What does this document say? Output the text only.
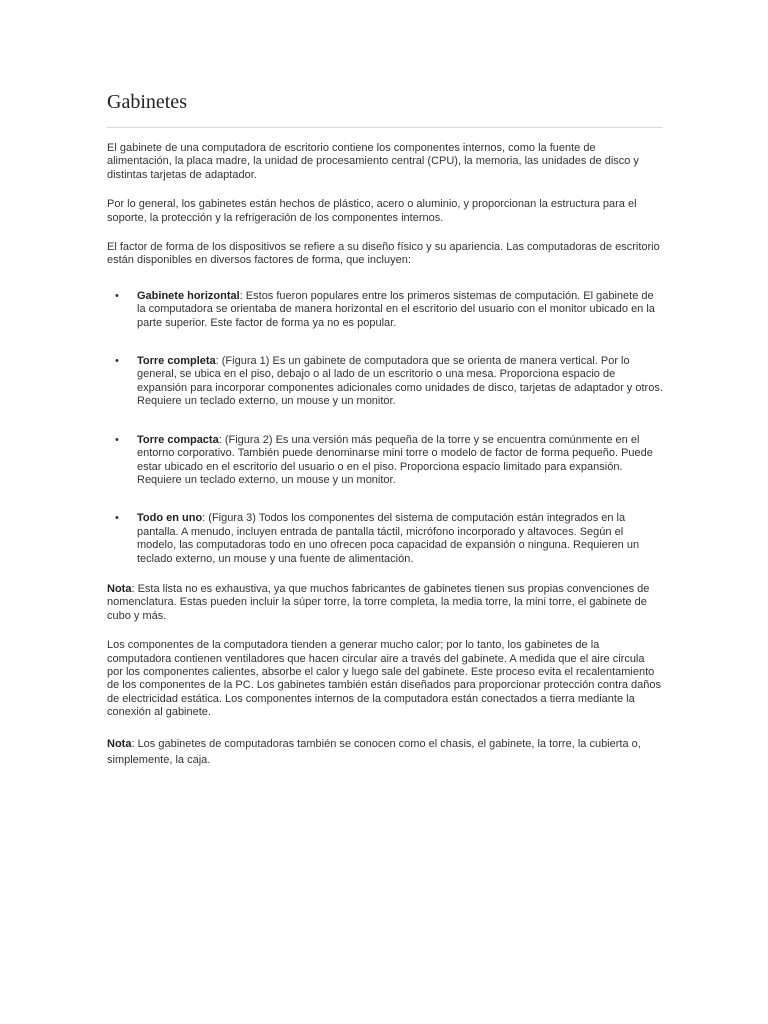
Gabinetes

El gabinete de una computadora de escritorio contiene los componentes internos, como la fuente de alimentación, la placa madre, la unidad de procesamiento central (CPU), la memoria, las unidades de disco y distintas tarjetas de adaptador.

Por lo general, los gabinetes están hechos de plástico, acero o aluminio, y proporcionan la estructura para el soporte, la protección y la refrigeración de los componentes internos.

El factor de forma de los dispositivos se refiere a su diseño físico y su apariencia. Las computadoras de escritorio están disponibles en diversos factores de forma, que incluyen:

• Gabinete horizontal: Estos fueron populares entre los primeros sistemas de computación. El gabinete de la computadora se orientaba de manera horizontal en el escritorio del usuario con el monitor ubicado en la parte superior. Este factor de forma ya no es popular.
• Torre completa: (Figura 1) Es un gabinete de computadora que se orienta de manera vertical. Por lo general, se ubica en el piso, debajo o al lado de un escritorio o una mesa. Proporciona espacio de expansión para incorporar componentes adicionales como unidades de disco, tarjetas de adaptador y otros. Requiere un teclado externo, un mouse y un monitor.
• Torre compacta: (Figura 2) Es una versión más pequeña de la torre y se encuentra comúnmente en el entorno corporativo. También puede denominarse mini torre o modelo de factor de forma pequeño. Puede estar ubicado en el escritorio del usuario o en el piso. Proporciona espacio limitado para expansión. Requiere un teclado externo, un mouse y un monitor.
• Todo en uno: (Figura 3) Todos los componentes del sistema de computación están integrados en la pantalla. A menudo, incluyen entrada de pantalla táctil, micrófono incorporado y altavoces. Según el modelo, las computadoras todo en uno ofrecen poca capacidad de expansión o ninguna. Requieren un teclado externo, un mouse y una fuente de alimentación.

Nota: Esta lista no es exhaustiva, ya que muchos fabricantes de gabinetes tienen sus propias convenciones de nomenclatura. Estas pueden incluir la súper torre, la torre completa, la media torre, la mini torre, el gabinete de cubo y más.

Los componentes de la computadora tienden a generar mucho calor; por lo tanto, los gabinetes de la computadora contienen ventiladores que hacen circular aire a través del gabinete. A medida que el aire circula por los componentes calientes, absorbe el calor y luego sale del gabinete. Este proceso evita el recalentamiento de los componentes de la PC. Los gabinetes también están diseñados para proporcionar protección contra daños de electricidad estática. Los componentes internos de la computadora están conectados a tierra mediante la conexión al gabinete.

Nota: Los gabinetes de computadoras también se conocen como el chasis, el gabinete, la torre, la cubierta o, simplemente, la caja.
